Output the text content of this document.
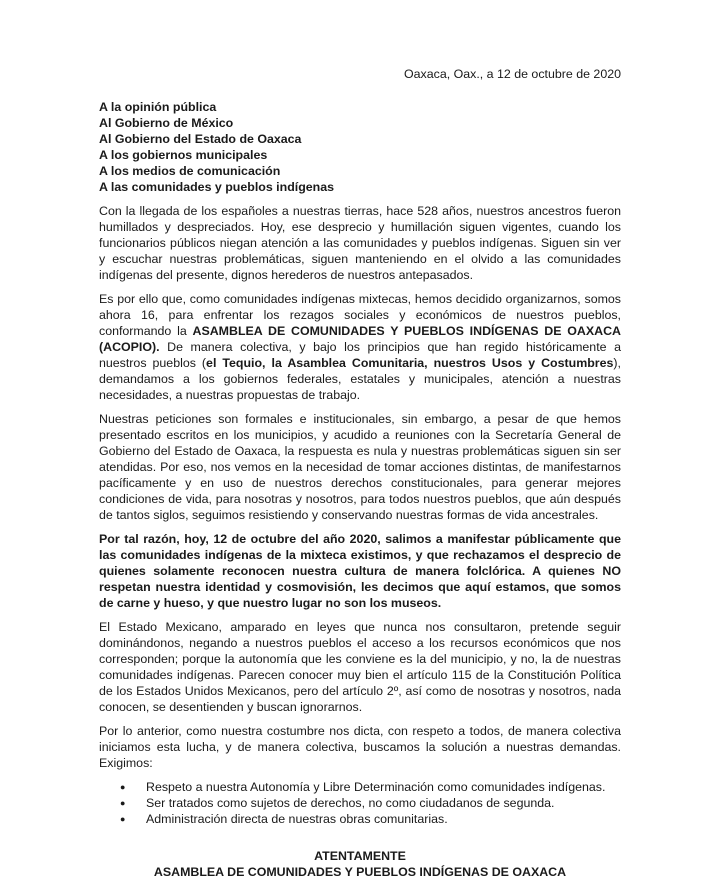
Oaxaca, Oax., a 12 de octubre de 2020
A la opinión pública
Al Gobierno de México
Al Gobierno del Estado de Oaxaca
A los gobiernos municipales
A los medios de comunicación
A las comunidades y pueblos indígenas

Con la llegada de los españoles a nuestras tierras, hace 528 años, nuestros ancestros fueron humillados y despreciados. Hoy, ese desprecio y humillación siguen vigentes, cuando los funcionarios públicos niegan atención a las comunidades y pueblos indígenas. Siguen sin ver y escuchar nuestras problemáticas, siguen manteniendo en el olvido a las comunidades indígenas del presente, dignos herederos de nuestros antepasados.

Es por ello que, como comunidades indígenas mixtecas, hemos decidido organizarnos, somos ahora 16, para enfrentar los rezagos sociales y económicos de nuestros pueblos, conformando la ASAMBLEA DE COMUNIDADES Y PUEBLOS INDÍGENAS DE OAXACA (ACOPIO). De manera colectiva, y bajo los principios que han regido históricamente a nuestros pueblos (el Tequio, la Asamblea Comunitaria, nuestros Usos y Costumbres), demandamos a los gobiernos federales, estatales y municipales, atención a nuestras necesidades, a nuestras propuestas de trabajo.

Nuestras peticiones son formales e institucionales, sin embargo, a pesar de que hemos presentado escritos en los municipios, y acudido a reuniones con la Secretaría General de Gobierno del Estado de Oaxaca, la respuesta es nula y nuestras problemáticas siguen sin ser atendidas. Por eso, nos vemos en la necesidad de tomar acciones distintas, de manifestarnos pacíficamente y en uso de nuestros derechos constitucionales, para generar mejores condiciones de vida, para nosotras y nosotros, para todos nuestros pueblos, que aún después de tantos siglos, seguimos resistiendo y conservando nuestras formas de vida ancestrales.

Por tal razón, hoy, 12 de octubre del año 2020, salimos a manifestar públicamente que las comunidades indígenas de la mixteca existimos, y que rechazamos el desprecio de quienes solamente reconocen nuestra cultura de manera folclórica. A quienes NO respetan nuestra identidad y cosmovisión, les decimos que aquí estamos, que somos de carne y hueso, y que nuestro lugar no son los museos.

El Estado Mexicano, amparado en leyes que nunca nos consultaron, pretende seguir dominándonos, negando a nuestros pueblos el acceso a los recursos económicos que nos corresponden; porque la autonomía que les conviene es la del municipio, y no, la de nuestras comunidades indígenas. Parecen conocer muy bien el artículo 115 de la Constitución Política de los Estados Unidos Mexicanos, pero del artículo 2º, así como de nosotras y nosotros, nada conocen, se desentienden y buscan ignorarnos.

Por lo anterior, como nuestra costumbre nos dicta, con respeto a todos, de manera colectiva iniciamos esta lucha, y de manera colectiva, buscamos la solución a nuestras demandas. Exigimos:

● Respeto a nuestra Autonomía y Libre Determinación como comunidades indígenas.
● Ser tratados como sujetos de derechos, no como ciudadanos de segunda.
● Administración directa de nuestras obras comunitarias.
ATENTAMENTE
ASAMBLEA DE COMUNIDADES Y PUEBLOS INDÍGENAS DE OAXACA
